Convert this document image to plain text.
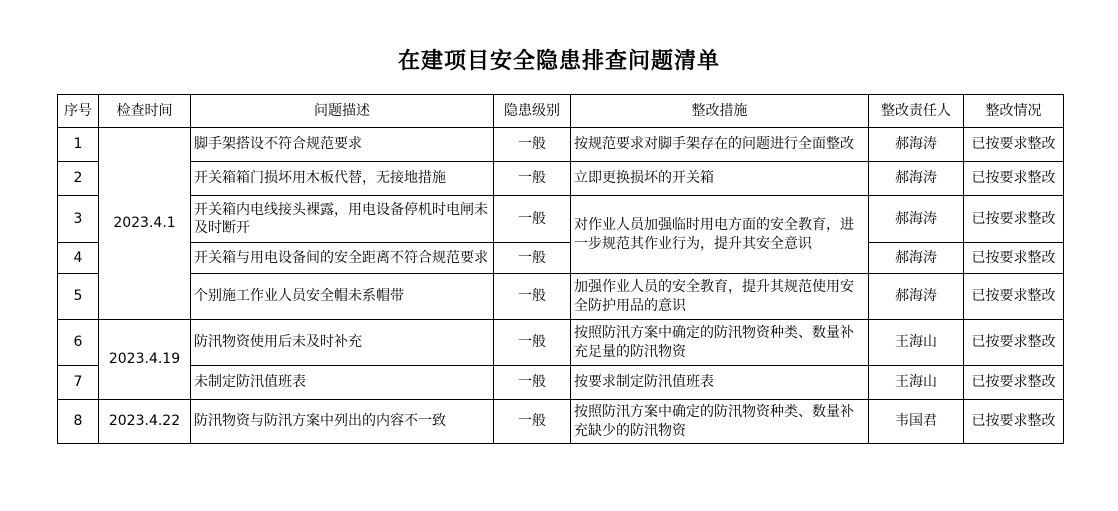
在建项目安全隐患排查问题清单
序号	检查时间	问题描述	隐患级别	整改措施	整改责任人	整改情况
1	2023.4.1	脚手架搭设不符合规范要求	一般	按规范要求对脚手架存在的问题进行全面整改	郝海涛	已按要求整改
2		开关箱箱门损坏用木板代替，无接地措施	一般	立即更换损坏的开关箱	郝海涛	已按要求整改
3		开关箱内电线接头裸露，用电设备停机时电闸未及时断开	一般	对作业人员加强临时用电方面的安全教育，进一步规范其作业行为，提升其安全意识	郝海涛	已按要求整改
4		开关箱与用电设备间的安全距离不符合规范要求	一般		郝海涛	已按要求整改
5		个别施工作业人员安全帽未系帽带	一般	加强作业人员的安全教育，提升其规范使用安全防护用品的意识	郝海涛	已按要求整改
6	2023.4.19	防汛物资使用后未及时补充	一般	按照防汛方案中确定的防汛物资种类、数量补充足量的防汛物资	王海山	已按要求整改
7		未制定防汛值班表	一般	按要求制定防汛值班表	王海山	已按要求整改
8	2023.4.22	防汛物资与防汛方案中列出的内容不一致	一般	按照防汛方案中确定的防汛物资种类、数量补充缺少的防汛物资	韦国君	已按要求整改
